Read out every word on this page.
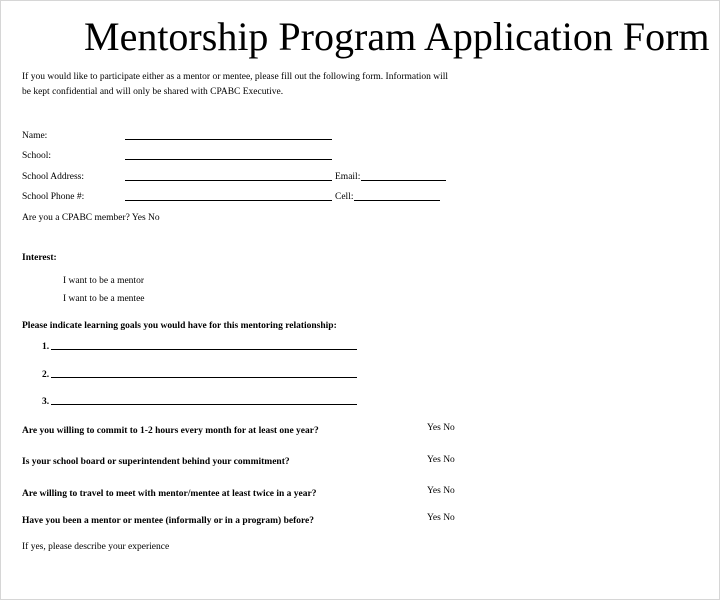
Mentorship Program Application Form
If you would like to participate either as a mentor or mentee, please fill out the following form. Information will be kept confidential and will only be shared with CPABC Executive.
Name:
School:
School Address:	Email:
School Phone #:	Cell:
Are you a CPABC member? Yes No
Interest:
I want to be a mentor
I want to be a mentee
Please indicate learning goals you would have for this mentoring relationship:
1.
2.
3.
Are you willing to commit to 1-2 hours every month for at least one year?	Yes No
Is your school board or superintendent behind your commitment?	Yes No
Are willing to travel to meet with mentor/mentee at least twice in a year?	Yes No
Have you been a mentor or mentee (informally or in a program) before?	Yes No
If yes, please describe your experience
